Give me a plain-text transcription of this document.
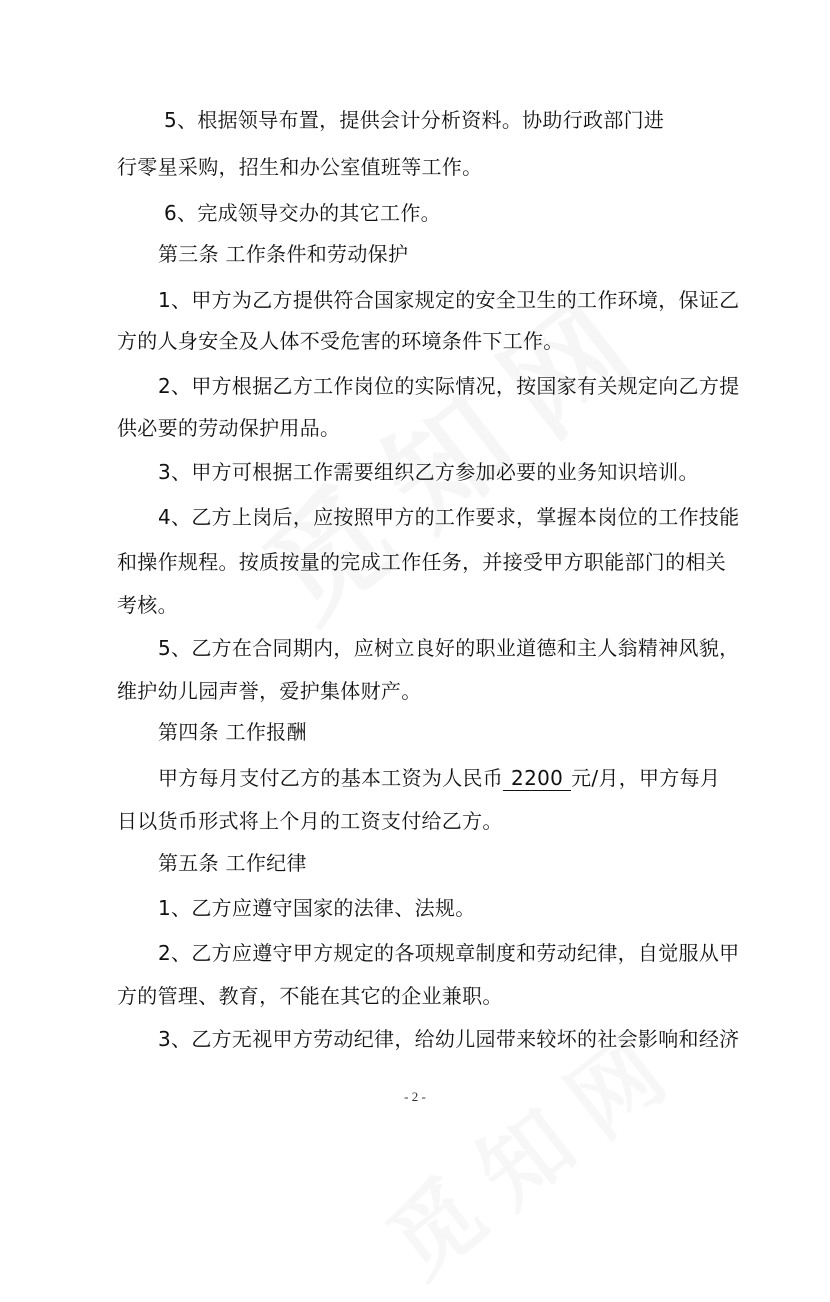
5、根据领导布置，提供会计分析资料。协助行政部门进
行零星采购，招生和办公室值班等工作。
6、完成领导交办的其它工作。
第三条 工作条件和劳动保护
1、甲方为乙方提供符合国家规定的安全卫生的工作环境，保证乙
方的人身安全及人体不受危害的环境条件下工作。
2、甲方根据乙方工作岗位的实际情况，按国家有关规定向乙方提
供必要的劳动保护用品。
3、甲方可根据工作需要组织乙方参加必要的业务知识培训。
4、乙方上岗后，应按照甲方的工作要求，掌握本岗位的工作技能
和操作规程。按质按量的完成工作任务，并接受甲方职能部门的相关
考核。
5、乙方在合同期内，应树立良好的职业道德和主人翁精神风貌，
维护幼儿园声誉，爱护集体财产。
第四条 工作报酬
甲方每月支付乙方的基本工资为人民币 2200 元/月，甲方每月
日以货币形式将上个月的工资支付给乙方。
第五条 工作纪律
1、乙方应遵守国家的法律、法规。
2、乙方应遵守甲方规定的各项规章制度和劳动纪律，自觉服从甲
方的管理、教育，不能在其它的企业兼职。
3、乙方无视甲方劳动纪律，给幼儿园带来较坏的社会影响和经济
- 2 -
